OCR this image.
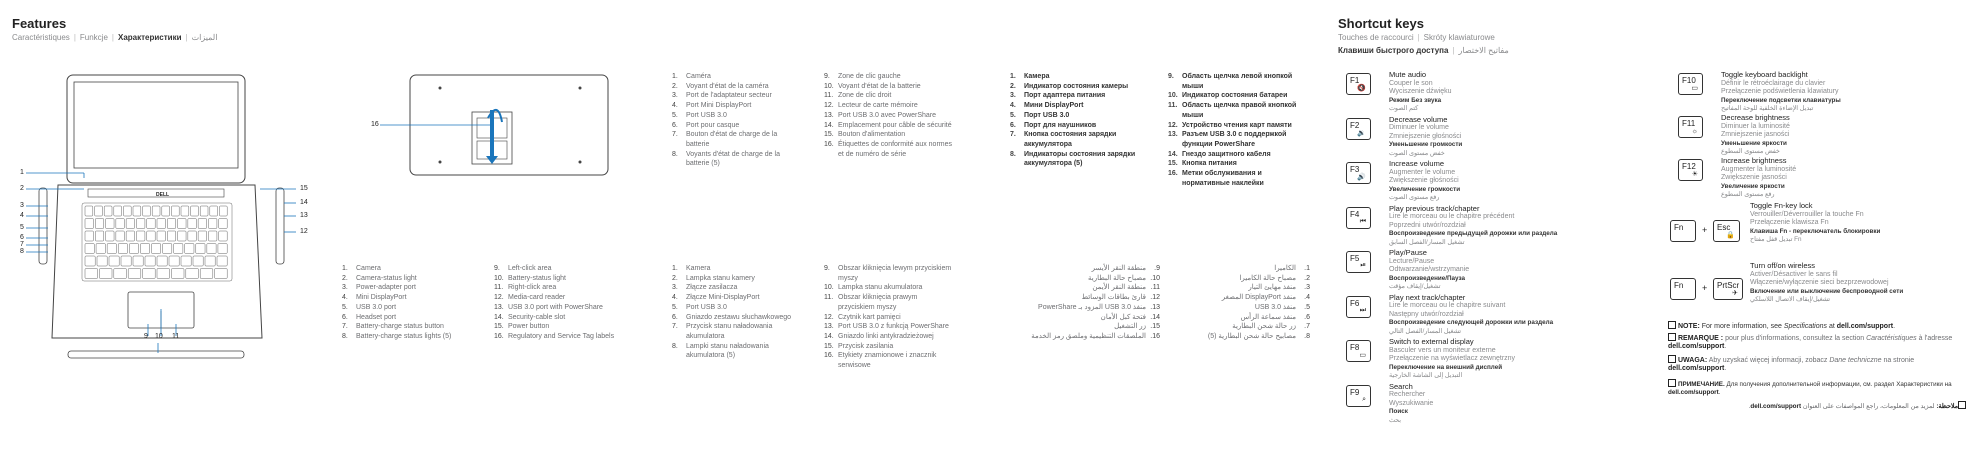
Features
Caractéristiques | Funkcje | Характеристики | الميزات
DELL
1
2
3
4
5
6
7
8
15
14
13
12
9 10 11
16
1.	Camera
2.	Camera-status light
3.	Power-adapter port
4.	Mini DisplayPort
5.	USB 3.0 port
6.	Headset port
7.	Battery-charge status button
8.	Battery-charge status lights (5)
9.	Left-click area
10. Battery-status light
11. Right-click area
12. Media-card reader
13. USB 3.0 port with PowerShare
14. Security-cable slot
15. Power button
16. Regulatory and Service Tag labels
1.	Caméra
2.	Voyant d'état de la caméra
3.	Port de l'adaptateur secteur
4.	Port Mini DisplayPort
5.	Port USB 3.0
6.	Port pour casque
7.	Bouton d'état de charge de la batterie
8.	Voyants d'état de charge de la batterie (5)
9.	Zone de clic gauche
10. Voyant d'état de la batterie
11. Zone de clic droit
12. Lecteur de carte mémoire
13. Port USB 3.0 avec PowerShare
14. Emplacement pour câble de sécurité
15. Bouton d'alimentation
16. Étiquettes de conformité aux normes et de numéro de série
1.	Kamera
2.	Lampka stanu kamery
3.	Złącze zasilacza
4.	Złącze Mini-DisplayPort
5.	Port USB 3.0
6.	Gniazdo zestawu słuchawkowego
7.	Przycisk stanu naładowania akumulatora
8.	Lampki stanu naładowania akumulatora (5)
9.	Obszar kliknięcia lewym przyciskiem myszy
10. Lampka stanu akumulatora
11. Obszar kliknięcia prawym przyciskiem myszy
12. Czytnik kart pamięci
13. Port USB 3.0 z funkcją PowerShare
14. Gniazdo linki antykradzieżowej
15. Przycisk zasilania
16. Etykiety znamionowe i znacznik serwisowe
1.	Камера
2.	Индикатор состояния камеры
3.	Порт адаптера питания
4.	Мини DisplayPort
5.	Порт USB 3.0
6.	Порт для наушников
7.	Кнопка состояния зарядки аккумулятора
8.	Индикаторы состояния зарядки аккумулятора (5)
9.	Область щелчка левой кнопкой мыши
10. Индикатор состояния батареи
11. Область щелчка правой кнопкой мыши
12. Устройство чтения карт памяти
13. Разъем USB 3.0 с поддержкой функции PowerShare
14. Гнездо защитного кабеля
15. Кнопка питания
16. Метки обслуживания и нормативные наклейки
1.
الكاميرا
2.
مصباح حالة الكاميرا
3.
منفذ مهايئ التيار
4.
منفذ DisplayPort المصغر
5.
منفذ USB 3.0
6.
منفذ سماعة الرأس
7.
زر حالة شحن البطارية
8.
مصابيح حالة شحن البطارية (5)
9.
منطقة النقر الأيسر
10.
مصباح حالة البطارية
11.
منطقة النقر الأيمن
12.
قارئ بطاقات الوسائط
13.
منفذ USB 3.0 المزود بـ PowerShare
14.
فتحة كبل الأمان
15.
زر التشغيل
16.
الملصقات التنظيمية وملصق رمز الخدمة
Shortcut keys
Touches de raccourci | Skróty klawiaturowe
Клавиши быстрого доступа | مفاتيح الاختصار
F1
🔇
Mute audio
Couper le son
Wyciszenie dźwięku
Режим Без звука
كتم الصوت
F2
🔉
Decrease volume
Diminuer le volume
Zmniejszenie głośności
Уменьшение громкости
خفض مستوى الصوت
F3
🔊
Increase volume
Augmenter le volume
Zwiększenie głośności
Увеличение громкости
رفع مستوى الصوت
F4
⏮
Play previous track/chapter
Lire le morceau ou le chapitre précédent
Poprzedni utwór/rozdział
Воспроизведение предыдущей дорожки или раздела
تشغيل المسار/الفصل السابق
F5
⏯
Play/Pause
Lecture/Pause
Odtwarzanie/wstrzymanie
Воспроизведение/Пауза
تشغيل/إيقاف مؤقت
F6
⏭
Play next track/chapter
Lire le morceau ou le chapitre suivant
Następny utwór/rozdział
Воспроизведение следующей дорожки или раздела
تشغيل المسار/الفصل التالي
F8
▭
Switch to external display
Basculer vers un moniteur externe
Przełączenie na wyświetlacz zewnętrzny
Переключение на внешний дисплей
التبديل إلى الشاشة الخارجية
F9
⌕
Search
Rechercher
Wyszukiwanie
Поиск
بحث
F10
▭
Toggle keyboard backlight
Définir le rétroéclairage du clavier
Przełączenie podświetlenia klawiatury
Переключение подсветки клавиатуры
تبديل الإضاءة الخلفية للوحة المفاتيح
F11
☼
Decrease brightness
Diminuer la luminosité
Zmniejszenie jasności
Уменьшение яркости
خفض مستوى السطوع
F12
☀
Increase brightness
Augmenter la luminosité
Zwiększenie jasności
Увеличение яркости
رفع مستوى السطوع
Fn	+	Esc
🔒
Toggle Fn-key lock
Verrouiller/Déverrouiller la touche Fn
Przełączenie klawisza Fn
Клавиша Fn - переключатель блокировки
تبديل قفل مفتاح Fn
Fn	+	PrtScr
✈
Turn off/on wireless
Activer/Désactiver le sans fil
Włączenie/wyłączenie sieci bezprzewodowej
Включение или выключение беспроводной сети
تشغيل/إيقاف الاتصال اللاسلكي
NOTE: For more information, see Specifications at dell.com/support.
REMARQUE : pour plus d'informations, consultez la section Caractéristiques à l'adresse dell.com/support.
UWAGA: Aby uzyskać więcej informacji, zobacz Dane techniczne na stronie dell.com/support.
ПРИМЕЧАНИЕ. Для получения дополнительной информации, см. раздел Характеристики на dell.com/support.
ملاحظة: لمزيد من المعلومات، راجع المواصفات على العنوان dell.com/support.
